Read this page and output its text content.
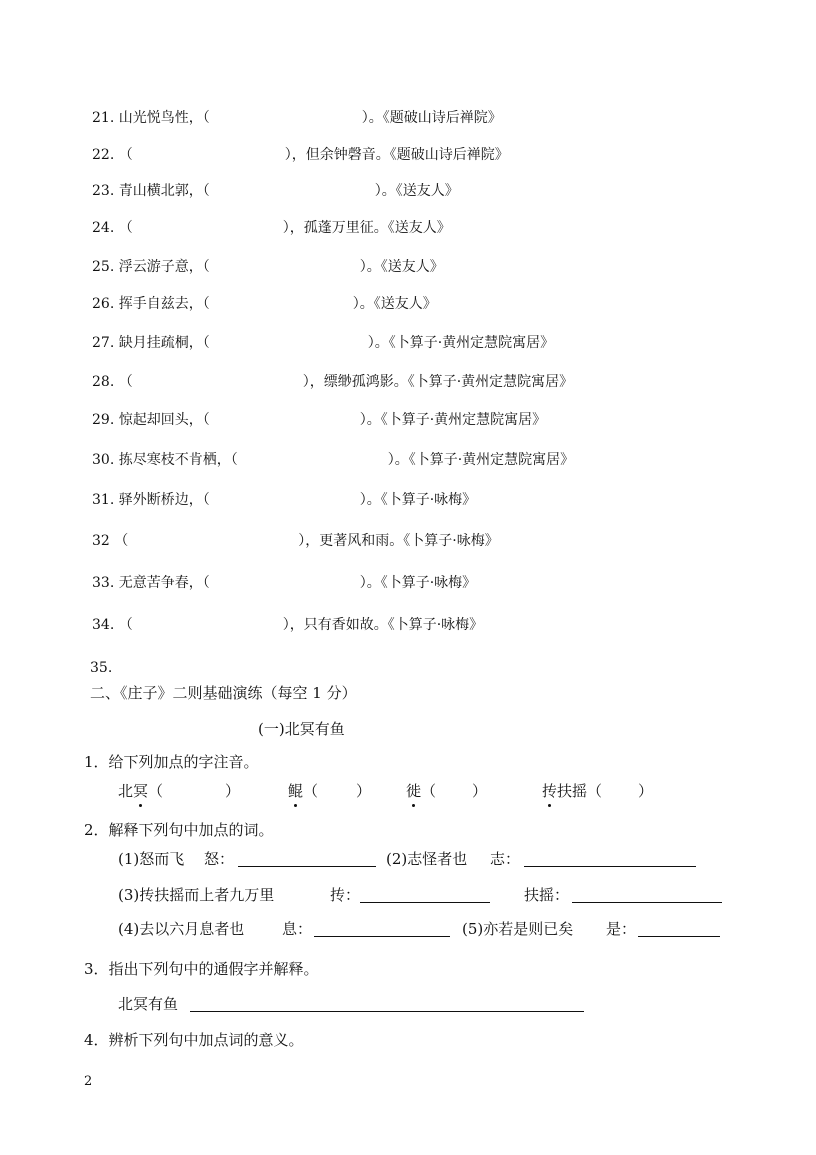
21. 山光悦鸟性，（	）。《题破山诗后禅院》
22. （	），但余钟磬音。《题破山诗后禅院》
23. 青山横北郭，（	）。《送友人》
24. （	），孤蓬万里征。《送友人》
25. 浮云游子意，（	）。《送友人》
26. 挥手自兹去，（	）。《送友人》
27. 缺月挂疏桐，（	）。《卜算子·黄州定慧院寓居》
28. （	），缥缈孤鸿影。《卜算子·黄州定慧院寓居》
29. 惊起却回头，（	）。《卜算子·黄州定慧院寓居》
30. 拣尽寒枝不肯栖，（	）。《卜算子·黄州定慧院寓居》
31. 驿外断桥边，（	）。《卜算子·咏梅》
32 （	），更著风和雨。《卜算子·咏梅》
33. 无意苦争春，（	）。《卜算子·咏梅》
34. （	），只有香如故。《卜算子·咏梅》
35.
二、《庄子》二则基础演练（每空 1 分）
(一)北冥有鱼
1．给下列加点的字注音。
北冥（	）	鲲（	） 徙（ ）	抟扶摇（ ）
2．解释下列句中加点的词。
(1)怒而飞 怒：	(2)志怪者也 志：
(3)抟扶摇而上者九万里	抟：	扶摇：
(4)去以六月息者也	息：	(5)亦若是则已矣 是：
3．指出下列句中的通假字并解释。
北冥有鱼
4．辨析下列句中加点词的意义。
2
